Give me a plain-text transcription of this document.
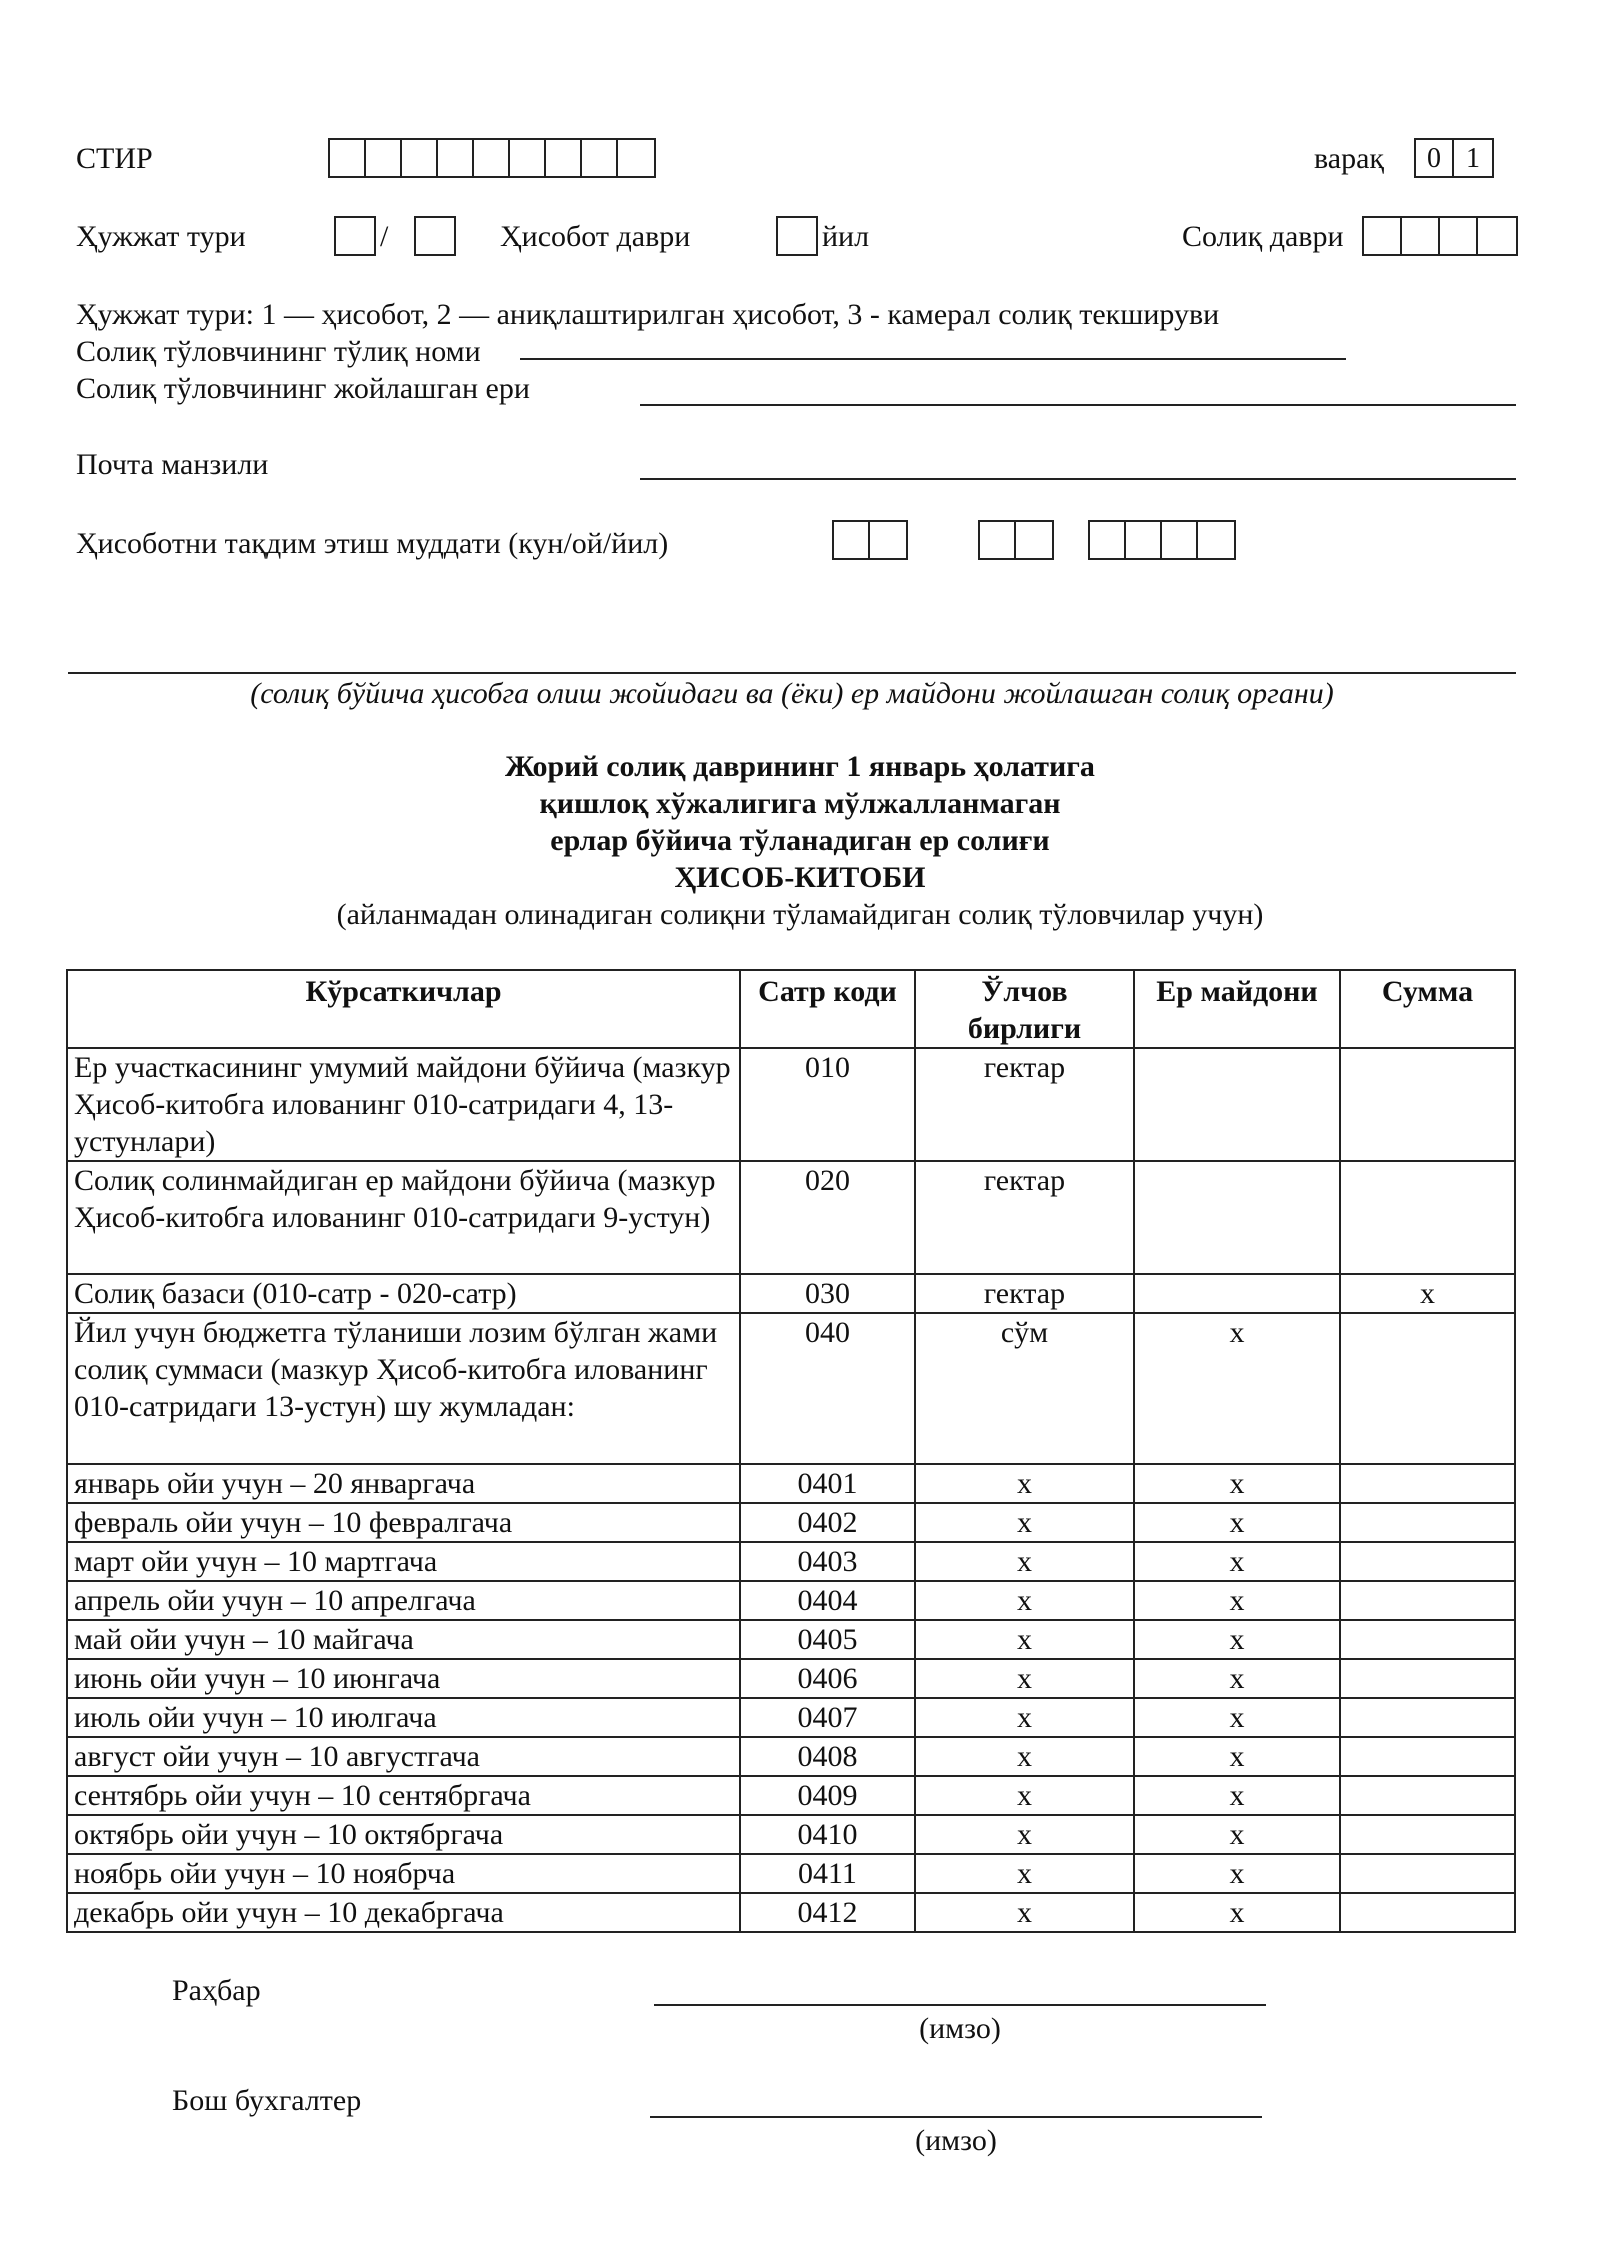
СТИР	варақ	0 1
Ҳужжат тури	/	Ҳисобот даври	йил	Солиқ даври
Ҳужжат тури: 1 — ҳисобот, 2 — аниқлаштирилган ҳисобот, 3 - камерал солиқ текшируви
Солиқ тўловчининг тўлиқ номи
Солиқ тўловчининг жойлашган ери
Почта манзили
Ҳисоботни тақдим этиш муддати (кун/ой/йил)
(солиқ бўйича ҳисобга олиш жойидаги ва (ёки) ер майдони жойлашган солиқ органи)
Жорий солиқ даврининг 1 январь ҳолатига
қишлоқ хўжалигига мўлжалланмаган
ерлар бўйича тўланадиган ер солиғи
ҲИСОБ-КИТОБИ
(айланмадан олинадиган солиқни тўламайдиган солиқ тўловчилар учун)
Кўрсаткичлар	Сатр коди	Ўлчов бирлиги	Ер майдони	Сумма
Ер участкасининг умумий майдони бўйича (мазкур Ҳисоб-китобга илованинг 010-сатридаги 4, 13-устунлари)	010	гектар		
Солиқ солинмайдиган ер майдони бўйича (мазкур Ҳисоб-китобга илованинг 010-сатридаги 9-устун)	020	гектар		
Солиқ базаси (010-сатр - 020-сатр)	030	гектар		x
Йил учун бюджетга тўланиши лозим бўлган жами солиқ суммаси (мазкур Ҳисоб-китобга илованинг 010-сатридаги 13-устун) шу жумладан:	040	сўм	x	
январь ойи учун – 20 январгача	0401	x	x	
февраль ойи учун – 10 февралгача	0402	x	x	
март ойи учун – 10 мартгача	0403	x	x	
апрель ойи учун – 10 апрелгача	0404	x	x	
май ойи учун – 10 майгача	0405	x	x	
июнь ойи учун – 10 июнгача	0406	x	x	
июль ойи учун – 10 июлгача	0407	x	x	
август ойи учун – 10 августгача	0408	x	x	
сентябрь ойи учун – 10 сентябргача	0409	x	x	
октябрь ойи учун – 10 октябргача	0410	x	x	
ноябрь ойи учун – 10 ноябрча	0411	x	x	
декабрь ойи учун – 10 декабргача	0412	x	x	
Раҳбар
(имзо)
Бош бухгалтер
(имзо)
